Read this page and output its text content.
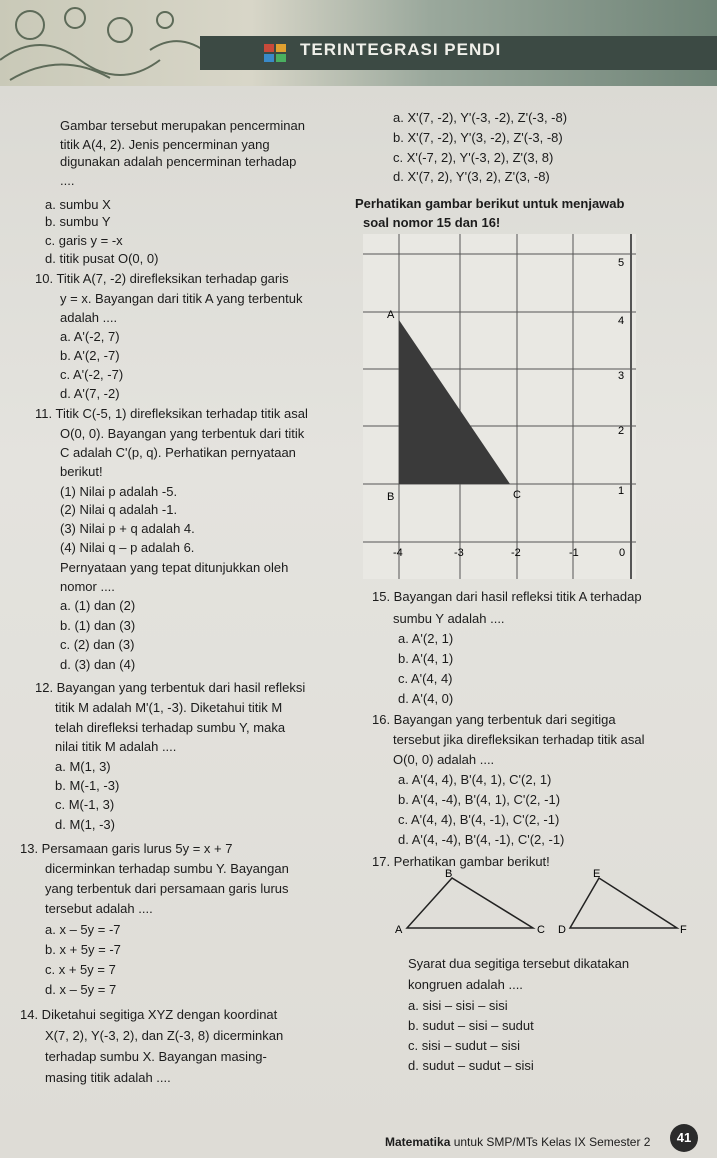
TERINTEGRASI PENDI
Gambar tersebut merupakan pencerminan
titik A(4, 2). Jenis pencerminan yang
digunakan adalah pencerminan terhadap
....
a. sumbu X
b. sumbu Y
c. garis y = -x
d. titik pusat O(0, 0)
10. Titik A(7, -2) direfleksikan terhadap garis
y = x. Bayangan dari titik A yang terbentuk
adalah ....
a. A'(-2, 7)
b. A'(2, -7)
c. A'(-2, -7)
d. A'(7, -2)
11. Titik C(-5, 1) direfleksikan terhadap titik asal
O(0, 0). Bayangan yang terbentuk dari titik
C adalah C'(p, q). Perhatikan pernyataan
berikut!
(1) Nilai p adalah -5.
(2) Nilai q adalah -1.
(3) Nilai p + q adalah 4.
(4) Nilai q – p adalah 6.
Pernyataan yang tepat ditunjukkan oleh
nomor ....
a. (1) dan (2)
b. (1) dan (3)
c. (2) dan (3)
d. (3) dan (4)
12. Bayangan yang terbentuk dari hasil refleksi
titik M adalah M'(1, -3). Diketahui titik M
telah direfleksi terhadap sumbu Y, maka
nilai titik M adalah ....
a. M(1, 3)
b. M(-1, -3)
c. M(-1, 3)
d. M(1, -3)
13. Persamaan garis lurus 5y = x + 7
dicerminkan terhadap sumbu Y. Bayangan
yang terbentuk dari persamaan garis lurus
tersebut adalah ....
a. x – 5y = -7
b. x + 5y = -7
c. x + 5y = 7
d. x – 5y = 7
14. Diketahui segitiga XYZ dengan koordinat
X(7, 2), Y(-3, 2), dan Z(-3, 8) dicerminkan
terhadap sumbu X. Bayangan masing-
masing titik adalah ....
a. X'(7, -2), Y'(-3, -2), Z'(-3, -8)
b. X'(7, -2), Y'(3, -2), Z'(-3, -8)
c. X'(-7, 2), Y'(-3, 2), Z'(3, 8)
d. X'(7, 2), Y'(3, 2), Z'(3, -8)
Perhatikan gambar berikut untuk menjawab
soal nomor 15 dan 16!
5
4
3
2
1
-4	-3	-2	-1	0
A
B	C
15. Bayangan dari hasil refleksi titik A terhadap
sumbu Y adalah ....
a. A'(2, 1)
b. A'(4, 1)
c. A'(4, 4)
d. A'(4, 0)
16. Bayangan yang terbentuk dari segitiga
tersebut jika direfleksikan terhadap titik asal
O(0, 0) adalah ....
a. A'(4, 4), B'(4, 1), C'(2, 1)
b. A'(4, -4), B'(4, 1), C'(2, -1)
c. A'(4, 4), B'(4, -1), C'(2, -1)
d. A'(4, -4), B'(4, -1), C'(2, -1)
17. Perhatikan gambar berikut!
A
B
C D
E
F
Syarat dua segitiga tersebut dikatakan
kongruen adalah ....
a. sisi – sisi – sisi
b. sudut – sisi – sudut
c. sisi – sudut – sisi
d. sudut – sudut – sisi
Matematika untuk SMP/MTs Kelas IX Semester 2	41
